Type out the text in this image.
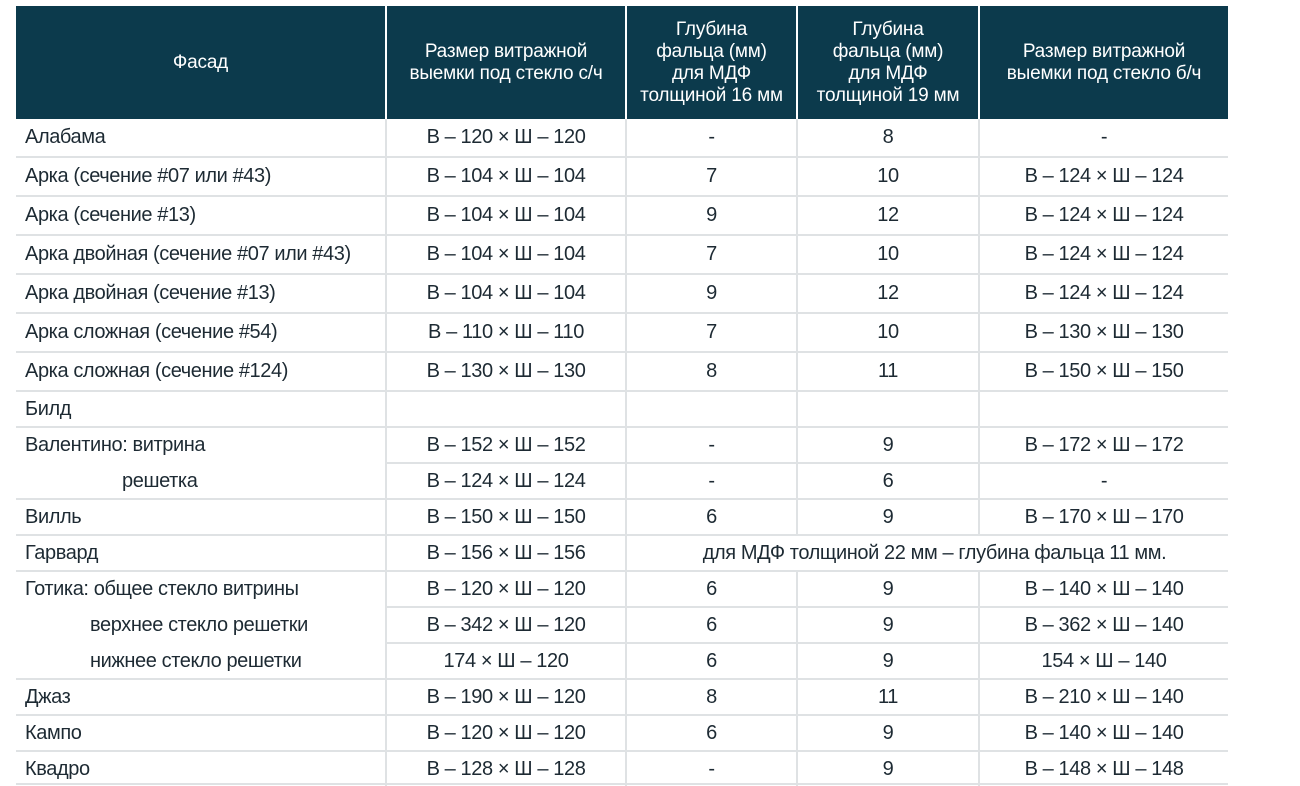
Фасад	Размер витражной
выемки под стекло с/ч	Глубина
фальца (мм)
для МДФ
толщиной 16 мм	Глубина
фальца (мм)
для МДФ
толщиной 19 мм	Размер витражной
выемки под стекло б/ч

Алабама	В – 120 × Ш – 120	-	8	-
Арка (сечение #07 или #43)	В – 104 × Ш – 104	7	10	В – 124 × Ш – 124
Арка (сечение #13)	В – 104 × Ш – 104	9	12	В – 124 × Ш – 124
Арка двойная (сечение #07 или #43)	В – 104 × Ш – 104	7	10	В – 124 × Ш – 124
Арка двойная (сечение #13)	В – 104 × Ш – 104	9	12	В – 124 × Ш – 124
Арка сложная (сечение #54)	В – 110 × Ш – 110	7	10	В – 130 × Ш – 130
Арка сложная (сечение #124)	В – 130 × Ш – 130	8	11	В – 150 × Ш – 150
Билд				
Валентино: витрина	В – 152 × Ш – 152	-	9	В – 172 × Ш – 172
решетка	В – 124 × Ш – 124	-	6	-
Вилль	В – 150 × Ш – 150	6	9	В – 170 × Ш – 170
Гарвард	В – 156 × Ш – 156	для МДФ толщиной 22 мм – глубина фальца 11 мм.		
Готика: общее стекло витрины	В – 120 × Ш – 120	6	9	В – 140 × Ш – 140
верхнее стекло решетки	В – 342 × Ш – 120	6	9	В – 362 × Ш – 140
нижнее стекло решетки	174 × Ш – 120	6	9	154 × Ш – 140
Джаз	В – 190 × Ш – 120	8	11	В – 210 × Ш – 140
Кампо	В – 120 × Ш – 120	6	9	В – 140 × Ш – 140
Квадро	В – 128 × Ш – 128	-	9	В – 148 × Ш – 148
